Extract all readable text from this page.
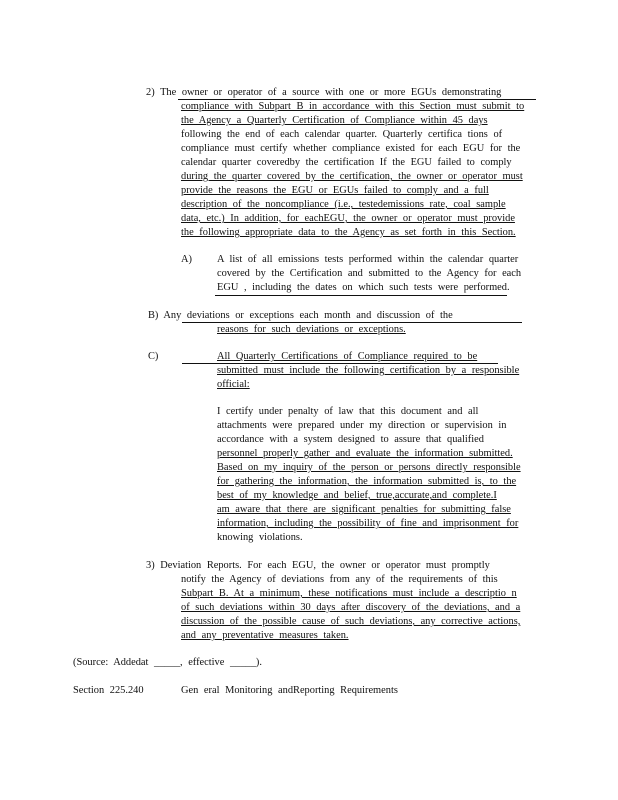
2) The owner or operator of a source with one or more EGUs demonstrating
compliance with Subpart B in accordance with this Section must submit to
the Agency a Quarterly Certification of Compliance within 45 days
following the end of each calendar quarter. Quarterly certifica tions of
compliance must certify whether compliance existed for each EGU for the
calendar quarter coveredby the certification If the EGU failed to comply
during the quarter covered by the certification, the owner or operator must
provide the reasons the EGU or EGUs failed to comply and a full
description of the noncompliance (i.e., testedemissions rate, coal sample
data, etc.) In addition, for eachEGU, the owner or operator must provide
the following appropriate data to the Agency as set forth in this Section.
A) A list of all emissions tests performed within the calendar quarter
covered by the Certification and submitted to the Agency for each
EGU , including the dates on which such tests were performed.
B) Any deviations or exceptions each month and discussion of the
reasons for such deviations or exceptions.
C)	All Quarterly Certifications of Compliance required to be
submitted must include the following certification by a responsible
official:
I certify under penalty of law that this document and all
attachments were prepared under my direction or supervision in
accordance with a system designed to assure that qualified
personnel properly gather and evaluate the information submitted.
Based on my inquiry of the person or persons directly responsible
for gathering the information, the information submitted is, to the
best of my knowledge and belief, true,accurate,and complete.I
am aware that there are significant penalties for submitting false
information, including the possibility of fine and imprisonment for
knowing violations.
3) Deviation Reports. For each EGU, the owner or operator must promptly
notify the Agency of deviations from any of the requirements of this
Subpart B. At a minimum, these notifications must include a descriptio n
of such deviations within 30 days after discovery of the deviations, and a
discussion of the possible cause of such deviations, any corrective actions,
and any preventative measures taken.
(Source: Addedat _____, effective _____).
Section 225.240	Gen eral Monitoring andReporting Requirements
